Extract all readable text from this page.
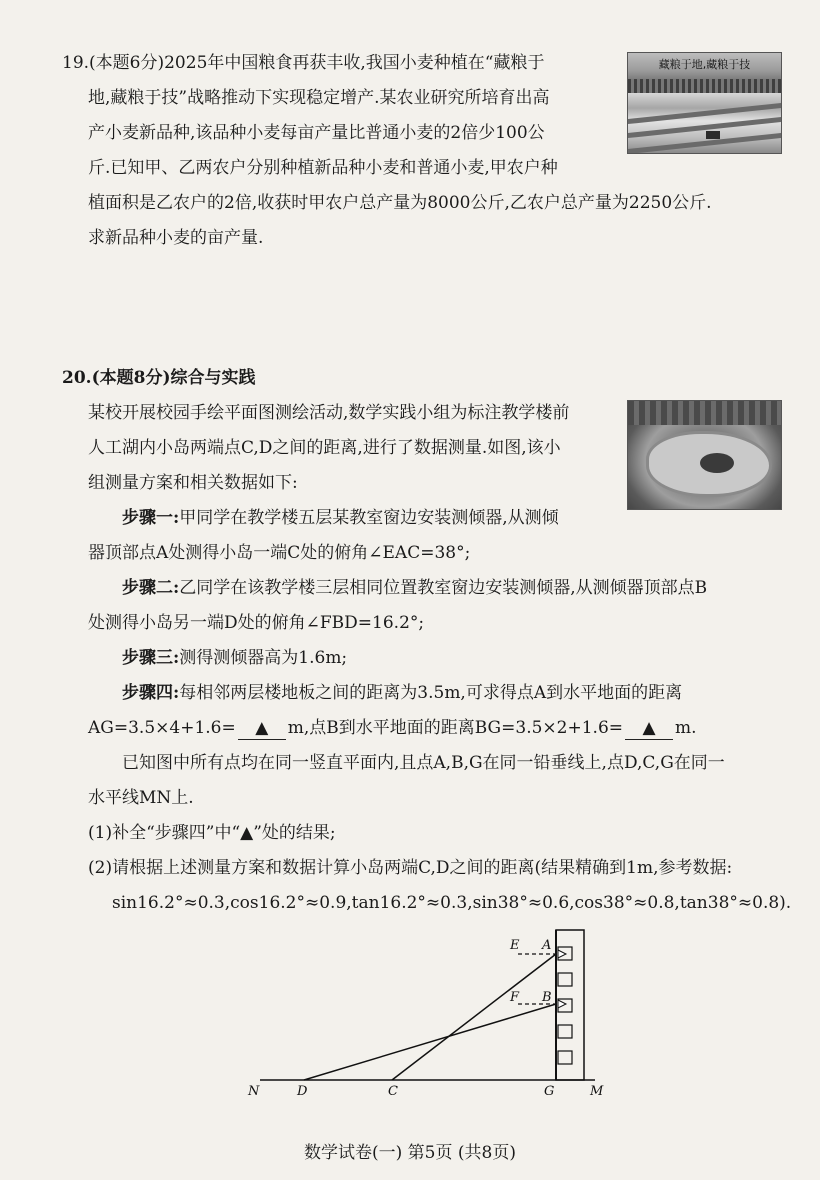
19.(本题6分)2025年中国粮食再获丰收,我国小麦种植在“藏粮于
地,藏粮于技”战略推动下实现稳定增产.某农业研究所培育出高
产小麦新品种,该品种小麦每亩产量比普通小麦的2倍少100公
斤.已知甲、乙两农户分别种植新品种小麦和普通小麦,甲农户种
植面积是乙农户的2倍,收获时甲农户总产量为8000公斤,乙农户总产量为2250公斤.
求新品种小麦的亩产量.
藏粮于地,藏粮于技
20.(本题8分)综合与实践
某校开展校园手绘平面图测绘活动,数学实践小组为标注教学楼前
人工湖内小岛两端点C,D之间的距离,进行了数据测量.如图,该小
组测量方案和相关数据如下:
步骤一:甲同学在教学楼五层某教室窗边安装测倾器,从测倾
器顶部点A处测得小岛一端C处的俯角∠EAC=38°;
步骤二:乙同学在该教学楼三层相同位置教室窗边安装测倾器,从测倾器顶部点B
处测得小岛另一端D处的俯角∠FBD=16.2°;
步骤三:测得测倾器高为1.6m;
步骤四:每相邻两层楼地板之间的距离为3.5m,可求得点A到水平地面的距离
AG=3.5×4+1.6= ▲ m,点B到水平地面的距离BG=3.5×2+1.6= ▲ m.
已知图中所有点均在同一竖直平面内,且点A,B,G在同一铅垂线上,点D,C,G在同一
水平线MN上.
(1)补全“步骤四”中“▲”处的结果;
(2)请根据上述测量方案和数据计算小岛两端C,D之间的距离(结果精确到1m,参考数据:
sin16.2°≈0.3,cos16.2°≈0.9,tan16.2°≈0.3,sin38°≈0.6,cos38°≈0.8,tan38°≈0.8).
E A
F B
N	D	C	G	M
数学试卷(一) 第5页 (共8页)
